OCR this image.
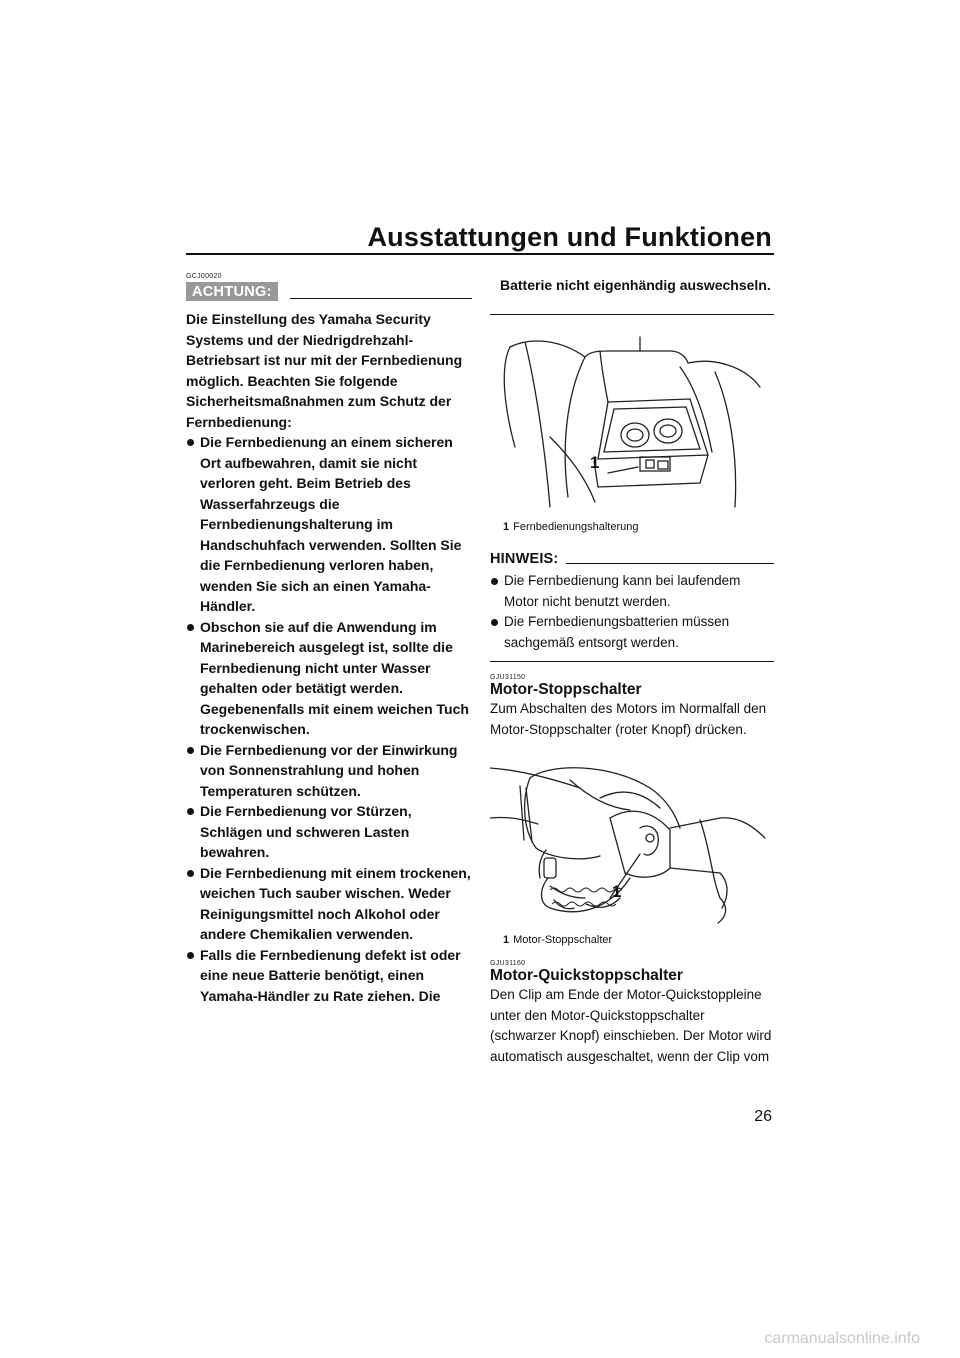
Ausstattungen und Funktionen

GCJ00020

ACHTUNG:

Die Einstellung des Yamaha Security Systems und der Niedrigdrehzahl-Betriebsart ist nur mit der Fernbedienung möglich. Beachten Sie folgende Sicherheitsmaßnahmen zum Schutz der Fernbedienung:

Die Fernbedienung an einem sicheren Ort aufbewahren, damit sie nicht verloren geht. Beim Betrieb des Wasserfahrzeugs die Fernbedienungshalterung im Handschuhfach verwenden. Sollten Sie die Fernbedienung verloren haben, wenden Sie sich an einen Yamaha-Händler.
Obschon sie auf die Anwendung im Marinebereich ausgelegt ist, sollte die Fernbedienung nicht unter Wasser gehalten oder betätigt werden. Gegebenenfalls mit einem weichen Tuch trockenwischen.
Die Fernbedienung vor der Einwirkung von Sonnenstrahlung und hohen Temperaturen schützen.
Die Fernbedienung vor Stürzen, Schlägen und schweren Lasten bewahren.
Die Fernbedienung mit einem trockenen, weichen Tuch sauber wischen. Weder Reinigungsmittel noch Alkohol oder andere Chemikalien verwenden.
Falls die Fernbedienung defekt ist oder eine neue Batterie benötigt, einen Yamaha-Händler zu Rate ziehen. Die

Batterie nicht eigenhändig auswechseln.

1

1 Fernbedienungshalterung

HINWEIS:
Die Fernbedienung kann bei laufendem Motor nicht benutzt werden.
Die Fernbedienungsbatterien müssen sachgemäß entsorgt werden.

GJU31150

Motor-Stoppschalter

Zum Abschalten des Motors im Normalfall den Motor-Stoppschalter (roter Knopf) drücken.

1

1 Motor-Stoppschalter

GJU31160

Motor-Quickstoppschalter

Den Clip am Ende der Motor-Quickstoppleine unter den Motor-Quickstoppschalter (schwarzer Knopf) einschieben. Der Motor wird automatisch ausgeschaltet, wenn der Clip vom

26
carmanualsonline.info
